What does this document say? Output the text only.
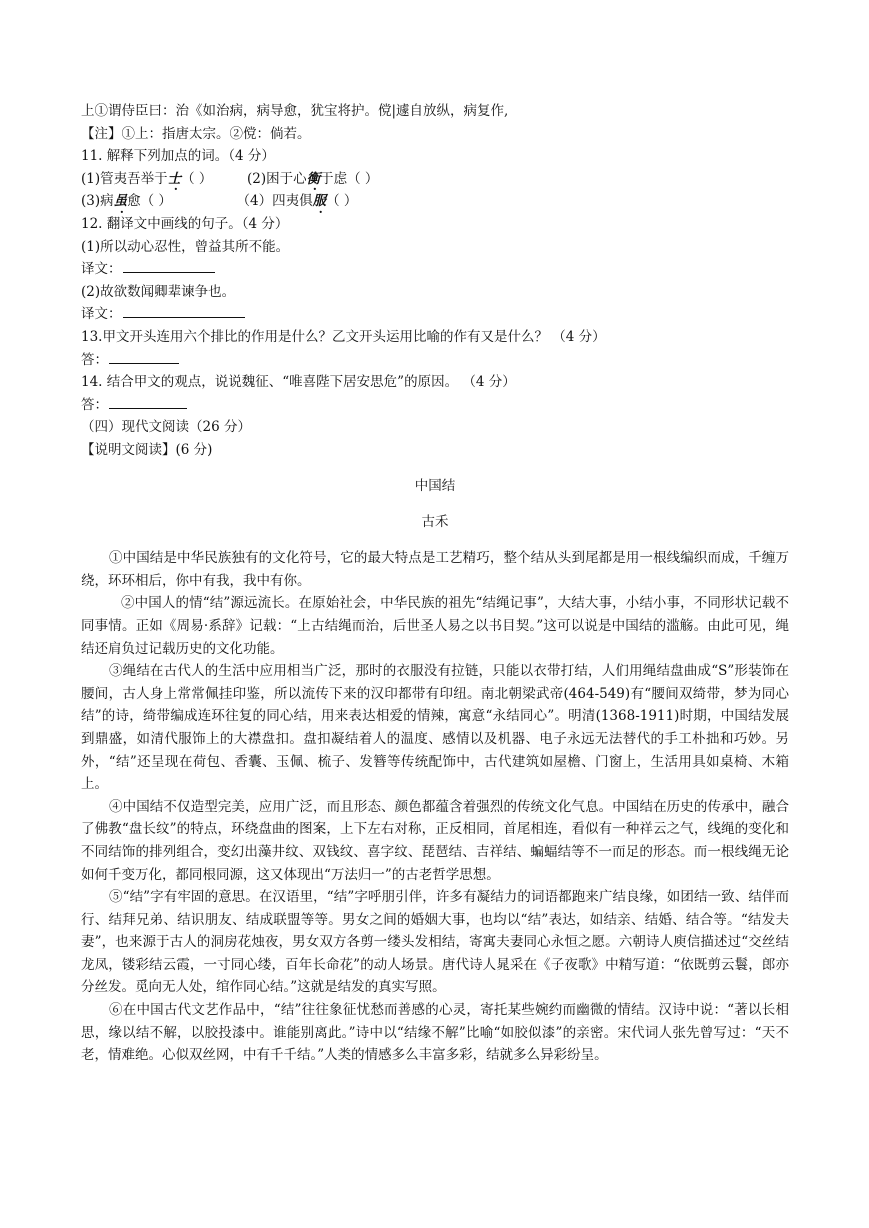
上①谓侍臣曰：治《如治病，病导愈，犹宝将护。傥|遽自放纵，病复作,

【注】①上：指唐太宗。②傥：倘若。

11. 解释下列加点的词。（4 分）

(1)管夷吾举于士（ ）	(2)困于心衡于虑（ ）

(3)病虽愈（ ）	（4）四夷俱服（ ）

12. 翻译文中画线的句子。（4 分）

(1)所以动心忍性，曾益其所不能。

译文：

(2)故欲数闻卿辈谏争也。

译文：

13.甲文开头连用六个排比的作用是什么？乙文开头运用比喻的作有又是什么？ （4 分）

答：

14. 结合甲文的观点，说说魏征、“唯喜陛下居安思危”的原因。 （4 分）

答：

（四）现代文阅读（26 分）

【说明文阅读】(6 分)

中国结

古禾

①中国结是中华民族独有的文化符号，它的最大特点是工艺精巧，整个结从头到尾都是用一根线编织而成，千缠万绕，环环相后，你中有我，我中有你。

②中国人的情“结”源远流长。在原始社会，中华民族的祖先“结绳记事”，大结大事，小结小事，不同形状记载不同事情。正如《周易·系辞》记载：“上古结绳而治，后世圣人易之以书目契。”这可以说是中国结的滥觞。由此可见，绳结还肩负过记载历史的文化功能。

③绳结在古代人的生活中应用相当广泛，那时的衣服没有拉链，只能以衣带打结，人们用绳结盘曲成“S”形装饰在腰间，古人身上常常佩挂印鉴，所以流传下来的汉印都带有印纽。南北朝梁武帝(464-549)有“腰间双绮带，梦为同心结”的诗，绮带编成连环往复的同心结，用来表达相爱的情辣，寓意“永结同心”。明清(1368-1911)时期，中国结发展到鼎盛，如清代服饰上的大襟盘扣。盘扣凝结着人的温度、感情以及机器、电子永远无法替代的手工朴拙和巧妙。另外，“结”还呈现在荷包、香囊、玉佩、梳子、发簪等传统配饰中，古代建筑如屋檐、门窗上，生活用具如桌椅、木箱上。

④中国结不仅造型完美，应用广泛，而且形态、颜色都蕴含着强烈的传统文化气息。中国结在历史的传承中，融合了佛教“盘长纹”的特点，环绕盘曲的图案，上下左右对称，正反相同，首尾相连，看似有一种祥云之气，线绳的变化和不同结饰的排列组合，变幻出藻井纹、双钱纹、喜字纹、琵琶结、吉祥结、蝙蝠结等不一而足的形态。而一根线绳无论如何千变万化，都同根同源，这又体现出“万法归一”的古老哲学思想。

⑤“结”字有牢固的意思。在汉语里，“结”字呼朋引伴，许多有凝结力的词语都跑来广结良缘，如团结一致、结伴而行、结拜兄弟、结识朋友、结成联盟等等。男女之间的婚姻大事，也均以“结”表达，如结亲、结婚、结合等。“结发夫妻”，也来源于古人的洞房花烛夜，男女双方各剪一缕头发相结，寄寓夫妻同心永恒之愿。六朝诗人庾信描述过“交丝结龙凤，镂彩结云霞，一寸同心缕，百年长命花”的动人场景。唐代诗人晁采在《子夜歌》中精写道：“依既剪云鬟，郎亦分丝发。觅向无人处，绾作同心结。”这就是结发的真实写照。

⑥在中国古代文艺作品中，“结”往往象征忧愁而善感的心灵，寄托某些婉约而幽微的情结。汉诗中说：“著以长相思，缘以结不解，以胶投漆中。谁能别离此。”诗中以“结缘不解”比喻“如胶似漆”的亲密。宋代词人张先曾写过：“天不老，情难绝。心似双丝网，中有千千结。”人类的情感多么丰富多彩，结就多么异彩纷呈。
